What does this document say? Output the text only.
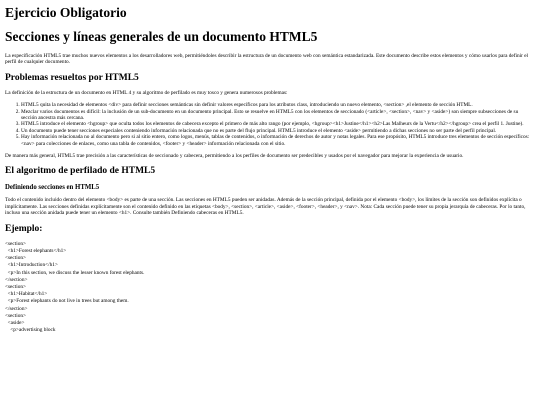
Ejercicio Obligatorio
Secciones y líneas generales de un documento HTML5

La especificación HTML5 trae muchos nuevos elementos a los desarrolladores web, permitiéndoles describir la estructura de un documento web con semántica estandarizada. Este documento describe estos elementos y cómo usarlos para definir el perfil de cualquier documento.

Problemas resueltos por HTML5

La definición de la estructura de un documento en HTML 4 y su algoritmo de perfilado es muy tosco y genera numerosos problemas:

1. HTML5 quita la necesidad de elementos <div> para definir secciones semánticas sin definir valores específicos para los atributos class, introduciendo un nuevo elemento, <section> ,el elemento de sección HTML.
2. Mezclar varios documentos es difícil: la inclusión de un sub-documento en un documento principal. Esto se resuelve en HTML5 con los elementos de seccionado (<article>, <section>, <nav> y <aside>) son siempre subsecciones de su sección ancestra más cercana.
3. HTML5 introduce el elemento <hgroup> que oculta todos los elementos de cabecera excepto el primero de más alto rango (por ejemplo, <hgroup><h1>Justine</h1><h2>Las Malheurs de la Vertu</h2></hgroup> crea el perfil 1. Justine).
4. Un documento puede tener secciones especiales conteniendo información relacionada que no es parte del flujo principal. HTML5 introduce el elemento <aside> permitiendo a dichas secciones no ser parte del perfil principal.
5. Hay información relacionada no al documento pero si al sitio entero, como logos, menús, tablas de contenidos, o información de derechos de autor y notas legales. Para ese propósito, HTML5 introduce tres elementos de sección específicos: <nav> para colecciones de enlaces, como una tabla de contenidos, <footer> y <header> información relacionada con el sitio.

De manera más general, HTML5 trae precisión a las características de seccionado y cabecera, permitiendo a los perfiles de documento ser predecibles y usados por el navegador para mejorar la experiencia de usuario.

El algoritmo de perfilado de HTML5
Definiendo secciones en HTML5

Todo el contenido incluido dentro del elemento <body> es parte de una sección. Las secciones en HTML5 pueden ser anidadas. Además de la sección principal, definida por el elemento <body>, los límites de la sección son definidos explícita o implícitamente. Las secciones definidas explícitamente son el contenido definido en las etiquetas <body>, <section>, <article>, <aside>, <footer>, <header>, y <nav>. Nota: Cada sección puede tener su propia jerarquía de cabeceras. Por lo tanto, incluso una sección anidada puede tener un elemento <h1>. Consulte también Definiendo cabeceras en HTML5.

Ejemplo:
<section>
<h1>Forest elephants</h1>
<section>
<h1>Introduction</h1>
<p>In this section, we discuss the lesser known forest elephants.
</section>
<section>
<h1>Habitat</h1>
<p>Forest elephants do not live in trees but among them.
</section>
<section>
<aside>
<p>advertising block
